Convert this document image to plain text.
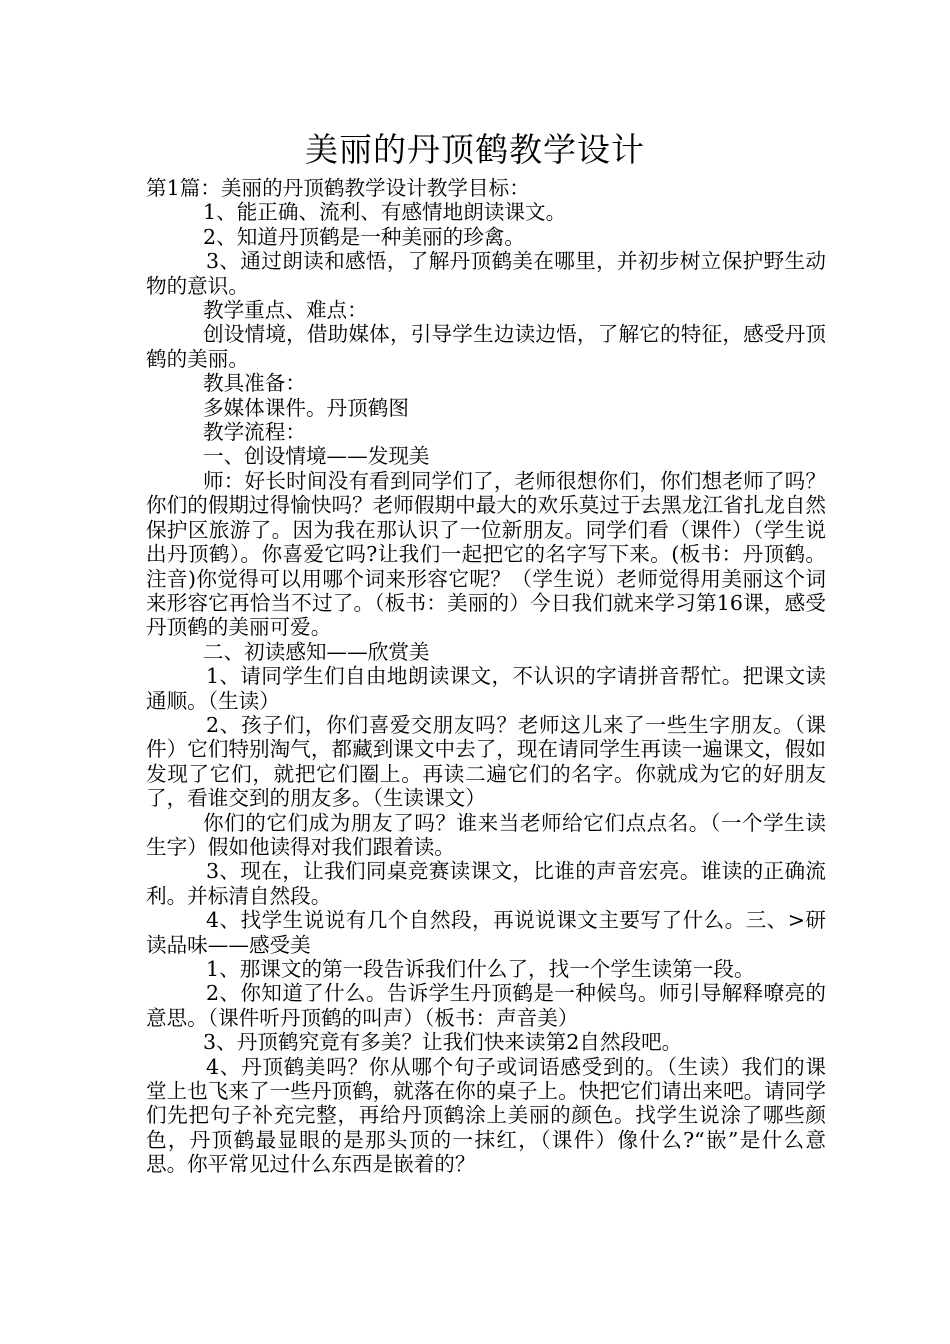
美丽的丹顶鹤教学设计

第1篇：美丽的丹顶鹤教学设计教学目标：

1、能正确、流利、有感情地朗读课文。

2、知道丹顶鹤是一种美丽的珍禽。

3、通过朗读和感悟，了解丹顶鹤美在哪里，并初步树立保护野生动物的意识。

教学重点、难点：

创设情境，借助媒体，引导学生边读边悟，了解它的特征，感受丹顶鹤的美丽。

教具准备：

多媒体课件。丹顶鹤图

教学流程：

一、创设情境——发现美

师：好长时间没有看到同学们了，老师很想你们，你们想老师了吗？你们的假期过得愉快吗？老师假期中最大的欢乐莫过于去黑龙江省扎龙自然保护区旅游了。因为我在那认识了一位新朋友。同学们看（课件）（学生说出丹顶鹤）。你喜爱它吗?让我们一起把它的名字写下来。(板书：丹顶鹤。注音)你觉得可以用哪个词来形容它呢？（学生说）老师觉得用美丽这个词来形容它再恰当不过了。（板书：美丽的）今日我们就来学习第16课，感受丹顶鹤的美丽可爱。

二、初读感知——欣赏美

1、请同学生们自由地朗读课文，不认识的字请拼音帮忙。把课文读通顺。（生读）

2、孩子们，你们喜爱交朋友吗？老师这儿来了一些生字朋友。（课件）它们特别淘气，都藏到课文中去了，现在请同学生再读一遍课文，假如发现了它们，就把它们圈上。再读二遍它们的名字。你就成为它的好朋友了，看谁交到的朋友多。（生读课文）

你们的它们成为朋友了吗？谁来当老师给它们点点名。（一个学生读生字）假如他读得对我们跟着读。

3、现在，让我们同桌竞赛读课文，比谁的声音宏亮。谁读的正确流利。并标清自然段。

4、找学生说说有几个自然段，再说说课文主要写了什么。三、>研读品味——感受美

1、那课文的第一段告诉我们什么了，找一个学生读第一段。

2、你知道了什么。告诉学生丹顶鹤是一种候鸟。师引导解释嘹亮的意思。（课件听丹顶鹤的叫声）（板书：声音美）

3、丹顶鹤究竟有多美？让我们快来读第2自然段吧。

4、丹顶鹤美吗？你从哪个句子或词语感受到的。（生读）我们的课堂上也飞来了一些丹顶鹤，就落在你的桌子上。快把它们请出来吧。请同学们先把句子补充完整，再给丹顶鹤涂上美丽的颜色。找学生说涂了哪些颜色，丹顶鹤最显眼的是那头顶的一抹红，（课件）像什么?“嵌”是什么意思。你平常见过什么东西是嵌着的？
